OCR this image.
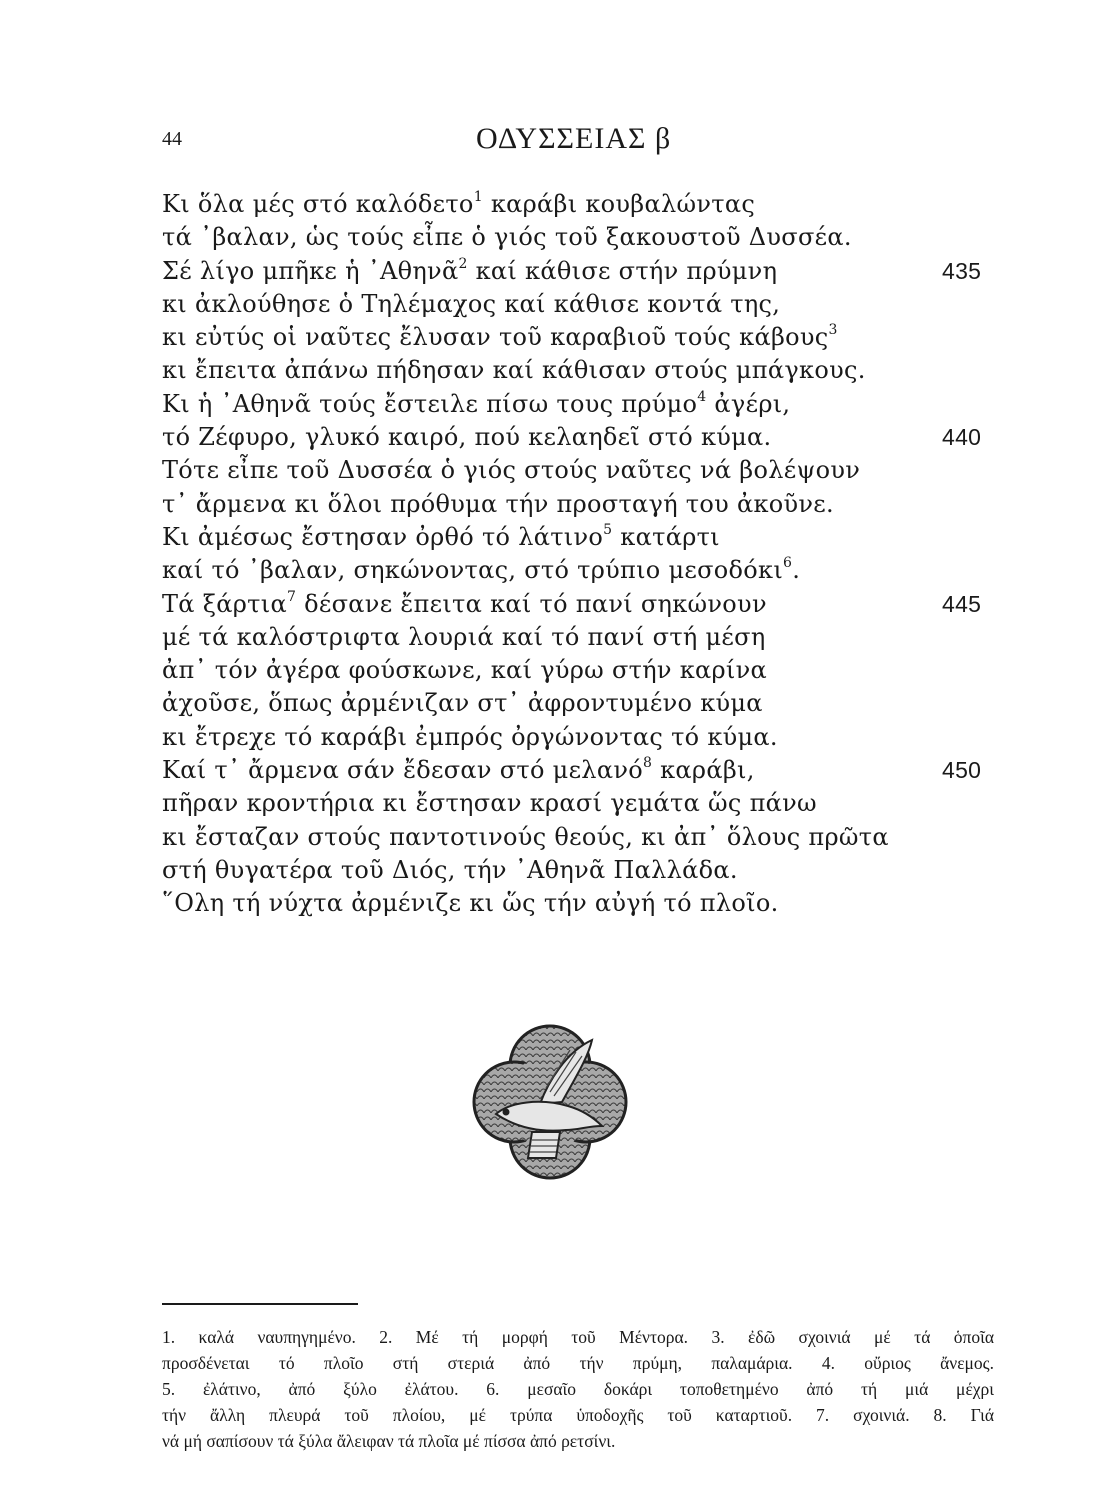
44	ΟΔΥΣΣΕΙΑΣ β
Κι ὅλα μές στό καλόδετο$^1$ καράβι κουβαλώντας
τά ᾽βαλαν, ὡς τούς εἶπε ὁ γιός τοῦ ξακουστοῦ Δυσσέα.
Σέ λίγο μπῆκε ἡ ᾽Αθηνᾶ$^2$ καί κάθισε στήν πρύμνη	435
κι ἀκλούθησε ὁ Τηλέμαχος καί κάθισε κοντά της,
κι εὐτύς οἱ ναῦτες ἔλυσαν τοῦ καραβιοῦ τούς κάβους$^3$
κι ἔπειτα ἀπάνω πήδησαν καί κάθισαν στούς μπάγκους.
Κι ἡ ᾽Αθηνᾶ τούς ἔστειλε πίσω τους πρύμο$^4$ ἀγέρι,
τό Ζέφυρο, γλυκό καιρό, πού κελαηδεῖ στό κύμα.	440
Τότε εἶπε τοῦ Δυσσέα ὁ γιός στούς ναῦτες νά βολέψουν
τ᾽ ἄρμενα κι ὅλοι πρόθυμα τήν προσταγή του ἀκοῦνε.
Κι ἀμέσως ἔστησαν ὀρθό τό λάτινο$^5$ κατάρτι
καί τό ᾽βαλαν, σηκώνοντας, στό τρύπιο μεσοδόκι$^6$.
Τά ξάρτια$^7$ δέσανε ἔπειτα καί τό πανί σηκώνουν	445
μέ τά καλόστριφτα λουριά καί τό πανί στή μέση
ἀπ᾽ τόν ἀγέρα φούσκωνε, καί γύρω στήν καρίνα
ἀχοῦσε, ὅπως ἀρμένιζαν στ᾽ ἀφροντυμένο κύμα
κι ἔτρεχε τό καράβι ἐμπρός ὀργώνοντας τό κύμα.
Καί τ᾽ ἄρμενα σάν ἔδεσαν στό μελανό$^8$ καράβι,	450
πῆραν κροντήρια κι ἔστησαν κρασί γεμάτα ὥς πάνω
κι ἔσταζαν στούς παντοτινούς θεούς, κι ἀπ᾽ ὅλους πρῶτα
στή θυγατέρα τοῦ Διός, τήν ᾽Αθηνᾶ Παλλάδα.
῞Ολη τή νύχτα ἀρμένιζε κι ὥς τήν αὐγή τό πλοῖο.
1. καλά ναυπηγημένο. 2. Μέ τή μορφή τοῦ Μέντορα. 3. ἐδῶ σχοινιά μέ τά ὁποῖα
προσδένεται τό πλοῖο στή στεριά ἀπό τήν πρύμη, παλαμάρια. 4. οὔριος ἄνεμος.
5. ἐλάτινο, ἀπό ξύλο ἐλάτου. 6. μεσαῖο δοκάρι τοποθετημένο ἀπό τή μιά μέχρι
τήν ἄλλη πλευρά τοῦ πλοίου, μέ τρύπα ὑποδοχῆς τοῦ καταρτιοῦ. 7. σχοινιά. 8. Γιά
νά μή σαπίσουν τά ξύλα ἄλειφαν τά πλοῖα μέ πίσσα ἀπό ρετσίνι.
